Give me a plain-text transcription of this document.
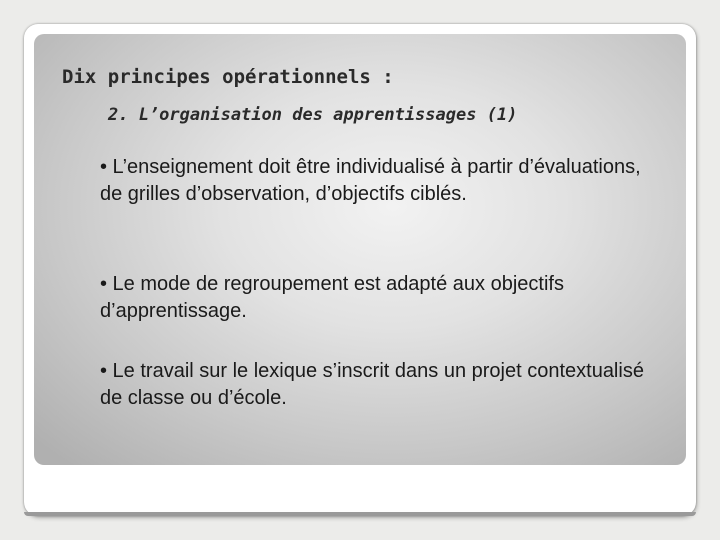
Dix principes opérationnels :
2. L’organisation des apprentissages (1)

• L’enseignement doit être individualisé à partir d’évaluations, de grilles d’observation, d’objectifs ciblés.

• Le mode de regroupement est adapté aux objectifs d’apprentissage.

• Le travail sur le lexique s’inscrit dans un projet contextualisé de classe ou d’école.
